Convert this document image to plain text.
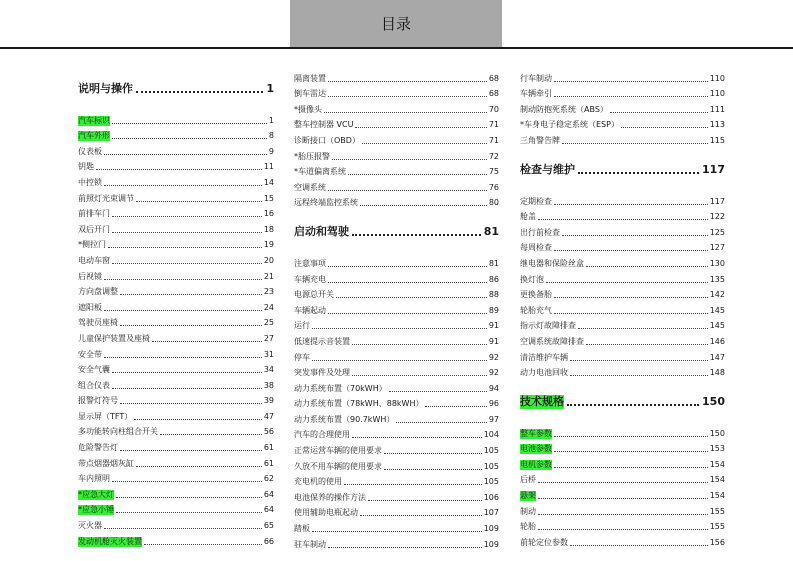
目录
说明与操作	1
汽车标识	1
汽车外形	8
仪表板	9
钥匙	11
中控锁	14
前照灯光束调节	15
前排车门	16
双后开门	18
*侧拉门	19
电动车窗	20
后视镜	21
方向盘调整	23
遮阳板	24
驾驶员座椅	25
儿童保护装置及座椅	27
安全带	31
安全气囊	34
组合仪表	38
报警灯符号	39
显示屏（TFT）	47
多功能转向柱组合开关	56
危险警告灯	61
带点烟器烟灰缸	61
车内照明	62
*应急大灯	64
*应急小锤	64
灭火器	65
发动机舱灭火装置	66
隔离装置	68
倒车雷达	68
*摄像头	70
整车控制器 VCU	71
诊断接口（OBD）	71
*胎压报警	72
*车道偏离系统	75
空调系统	76
远程终端监控系统	80
启动和驾驶	81
注意事项	81
车辆充电	86
电源总开关	88
车辆起动	89
运行	91
低速提示音装置	91
停车	92
突发事件及处理	92
动力系统布置（70kWH）	94
动力系统布置（78kWH、88kWH）	96
动力系统布置（90.7kWH）	97
汽车的合理使用	104
正常运营车辆的使用要求	105
久放不用车辆的使用要求	105
充电机的使用	105
电池保养的操作方法	106
使用辅助电瓶起动	107
踏板	109
驻车制动	109
行车制动	110
车辆牵引	110
制动防抱死系统（ABS）	111
*车身电子稳定系统（ESP）	113
三角警告牌	115
检查与维护	117
定期检查	117
舱盖	122
出行前检查	125
每周检查	127
继电器和保险丝盒	130
换灯泡	135
更换备胎	142
轮胎充气	145
指示灯故障排查	145
空调系统故障排查	146
清洁维护车辆	147
动力电池回收	148
技术规格	150
整车参数	150
电池参数	153
电机参数	154
后桥	154
悬架	154
制动	155
轮胎	155
前轮定位参数	156
